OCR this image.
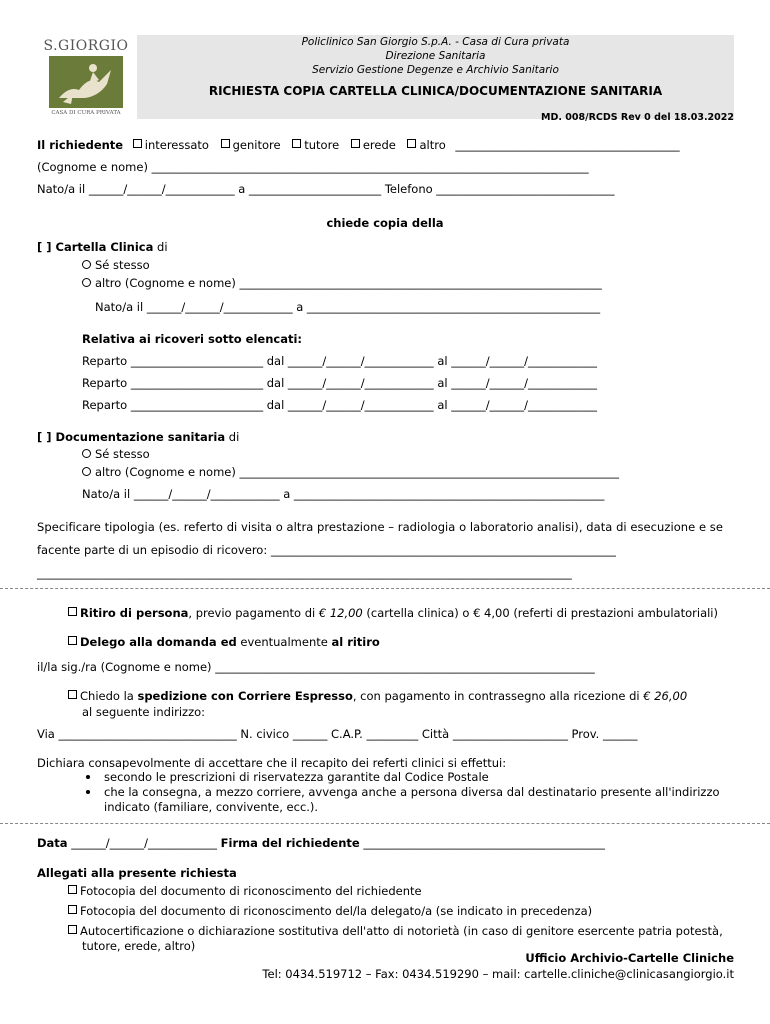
S.GIORGIO
CASA DI CURA PRIVATA
Policlinico San Giorgio S.p.A. - Casa di Cura privata
Direzione Sanitaria
Servizio Gestione Degenze e Archivio Sanitario
RICHIESTA COPIA CARTELLA CLINICA/DOCUMENTAZIONE SANITARIA
MD. 008/RCDS Rev 0 del 18.03.2022
Il richiedente interessato genitore tutore erede altro _______________________________________
(Cognome e nome) ____________________________________________________________________________
Nato/a il ______/______/____________ a _______________________ Telefono _______________________________
chiede copia della
[ ] Cartella Clinica di
Sé stesso
altro (Cognome e nome) _______________________________________________________________
Nato/a il ______/______/____________ a ___________________________________________________
Relativa ai ricoveri sotto elencati:
Reparto _______________________ dal ______/______/____________ al ______/______/____________
Reparto _______________________ dal ______/______/____________ al ______/______/____________
Reparto _______________________ dal ______/______/____________ al ______/______/____________
[ ] Documentazione sanitaria di
Sé stesso
altro (Cognome e nome) __________________________________________________________________
Nato/a il ______/______/____________ a ______________________________________________________
Specificare tipologia (es. referto di visita o altra prestazione – radiologia o laboratorio analisi), data di esecuzione e se
facente parte di un episodio di ricovero: ____________________________________________________________
_____________________________________________________________________________________________
Ritiro di persona, previo pagamento di € 12,00 (cartella clinica) o € 4,00 (referti di prestazioni ambulatoriali)
Delego alla domanda ed eventualmente al ritiro
il/la sig./ra (Cognome e nome) __________________________________________________________________
Chiedo la spedizione con Corriere Espresso, con pagamento in contrassegno alla ricezione di € 26,00
al seguente indirizzo:
Via _______________________________ N. civico ______ C.A.P. _________ Città ____________________ Prov. ______
Dichiara consapevolmente di accettare che il recapito dei referti clinici si effettui:
secondo le prescrizioni di riservatezza garantite dal Codice Postale
che la consegna, a mezzo corriere, avvenga anche a persona diversa dal destinatario presente all'indirizzo
indicato (familiare, convivente, ecc.).
Data ______/______/____________ Firma del richiedente __________________________________________
Allegati alla presente richiesta
Fotocopia del documento di riconoscimento del richiedente
Fotocopia del documento di riconoscimento del/la delegato/a (se indicato in precedenza)
Autocertificazione o dichiarazione sostitutiva dell'atto di notorietà (in caso di genitore esercente patria potestà,
tutore, erede, altro)
Ufficio Archivio-Cartelle Cliniche
Tel: 0434.519712 – Fax: 0434.519290 – mail: cartelle.cliniche@clinicasangiorgio.it
